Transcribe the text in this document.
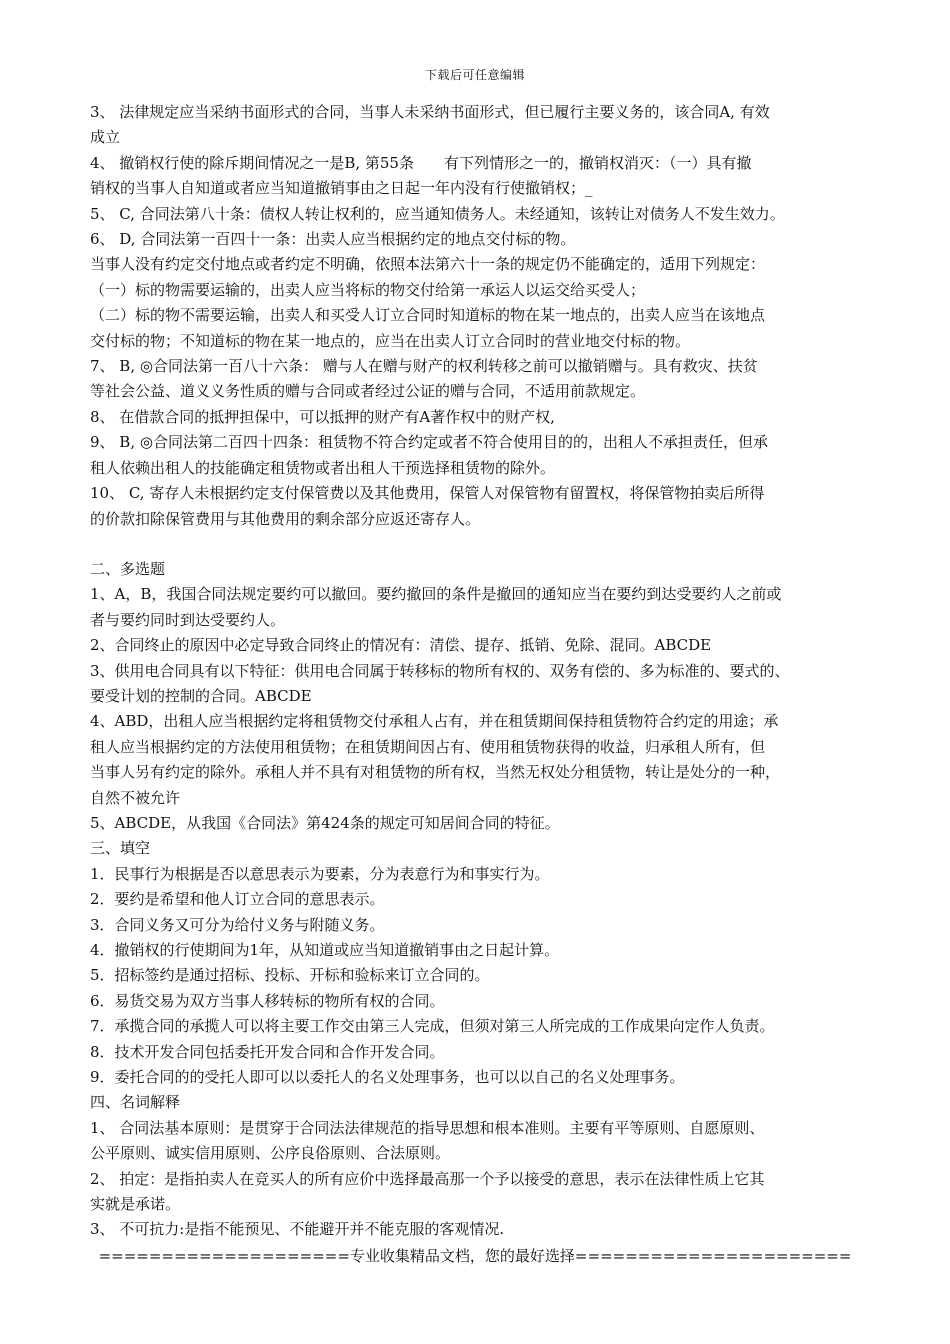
下载后可任意编辑

3、 法律规定应当采纳书面形式的合同，当事人未采纳书面形式，但已履行主要义务的，该合同A, 有效

成立

4、 撤销权行使的除斥期间情况之一是B, 第55条　　有下列情形之一的，撤销权消灭：（一）具有撤

销权的当事人自知道或者应当知道撤销事由之日起一年内没有行使撤销权；_

5、 C, 合同法第八十条：债权人转让权利的，应当通知债务人。未经通知，该转让对债务人不发生效力。

6、 D, 合同法第一百四十一条：出卖人应当根据约定的地点交付标的物。

当事人没有约定交付地点或者约定不明确，依照本法第六十一条的规定仍不能确定的，适用下列规定：

（一）标的物需要运输的，出卖人应当将标的物交付给第一承运人以运交给买受人；

（二）标的物不需要运输，出卖人和买受人订立合同时知道标的物在某一地点的，出卖人应当在该地点

交付标的物；不知道标的物在某一地点的，应当在出卖人订立合同时的营业地交付标的物。

7、 B, ◎合同法第一百八十六条： 赠与人在赠与财产的权利转移之前可以撤销赠与。具有救灾、扶贫

等社会公益、道义义务性质的赠与合同或者经过公证的赠与合同，不适用前款规定。

8、 在借款合同的抵押担保中，可以抵押的财产有A著作权中的财产权,

9、 B, ◎合同法第二百四十四条：租赁物不符合约定或者不符合使用目的的，出租人不承担责任，但承

租人依赖出租人的技能确定租赁物或者出租人干预选择租赁物的除外。

10、 C, 寄存人未根据约定支付保管费以及其他费用，保管人对保管物有留置权，将保管物拍卖后所得

的价款扣除保管费用与其他费用的剩余部分应返还寄存人。

二、多选题

1、A，B，我国合同法规定要约可以撤回。要约撤回的条件是撤回的通知应当在要约到达受要约人之前或

者与要约同时到达受要约人。

2、合同终止的原因中必定导致合同终止的情况有：清偿、提存、抵销、免除、混同。ABCDE

3、供用电合同具有以下特征：供用电合同属于转移标的物所有权的、双务有偿的、多为标准的、要式的、

要受计划的控制的合同。ABCDE

4、ABD，出租人应当根据约定将租赁物交付承租人占有，并在租赁期间保持租赁物符合约定的用途；承

租人应当根据约定的方法使用租赁物；在租赁期间因占有、使用租赁物获得的收益，归承租人所有，但

当事人另有约定的除外。承租人并不具有对租赁物的所有权，当然无权处分租赁物，转让是处分的一种，

自然不被允许

5、ABCDE，从我国《合同法》第424条的规定可知居间合同的特征。

三、填空

1．民事行为根据是否以意思表示为要素，分为表意行为和事实行为。

2．要约是希望和他人订立合同的意思表示。

3．合同义务又可分为给付义务与附随义务。

4．撤销权的行使期间为1年，从知道或应当知道撤销事由之日起计算。

5．招标签约是通过招标、投标、开标和验标来订立合同的。

6．易货交易为双方当事人移转标的物所有权的合同。

7．承揽合同的承揽人可以将主要工作交由第三人完成，但须对第三人所完成的工作成果向定作人负责。

8．技术开发合同包括委托开发合同和合作开发合同。

9．委托合同的的受托人即可以以委托人的名义处理事务，也可以以自己的名义处理事务。

四、名词解释

1、 合同法基本原则：是贯穿于合同法法律规范的指导思想和根本准则。主要有平等原则、自愿原则、

公平原则、诚实信用原则、公序良俗原则、合法原则。

2、 拍定：是指拍卖人在竞买人的所有应价中选择最高那一个予以接受的意思，表示在法律性质上它其

实就是承诺。

3、 不可抗力:是指不能预见、不能避开并不能克服的客观情况.

====================专业收集精品文档，您的最好选择======================
